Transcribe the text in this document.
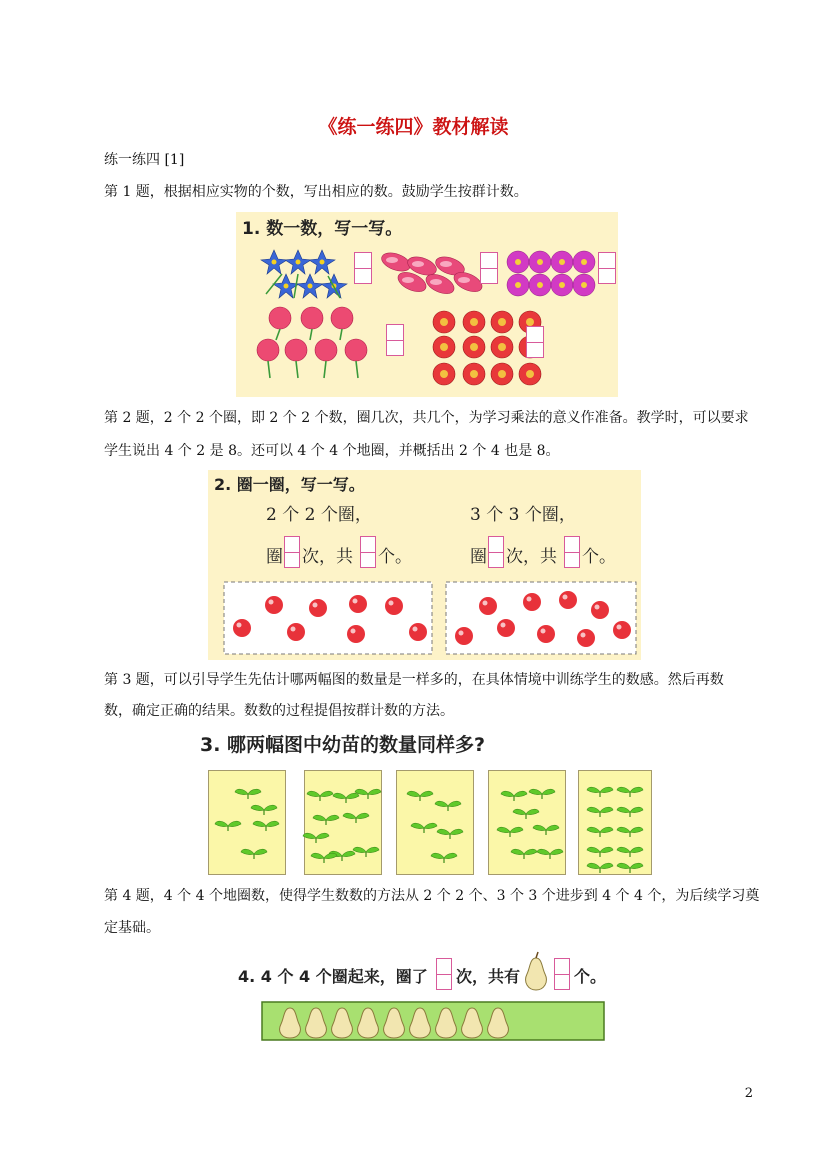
《练一练四》教材解读
练一练四 [1]
第 1 题，根据相应实物的个数，写出相应的数。鼓励学生按群计数。
1. 数一数，写一写。
第 2 题，2 个 2 个圈，即 2 个 2 个数，圈几次，共几个，为学习乘法的意义作准备。教学时，可以要求
学生说出 4 个 2 是 8。还可以 4 个 4 个地圈，并概括出 2 个 4 也是 8。
2. 圈一圈，写一写。
2 个 2 个圈，	3 个 3 个圈，
圈 次，共 个。	圈 次，共 个。
第 3 题，可以引导学生先估计哪两幅图的数量是一样多的，在具体情境中训练学生的数感。然后再数
数，确定正确的结果。数数的过程提倡按群计数的方法。
3. 哪两幅图中幼苗的数量同样多?
第 4 题，4 个 4 个地圈数，使得学生数数的方法从 2 个 2 个、3 个 3 个进步到 4 个 4 个，为后续学习奠
定基础。
4. 4 个 4 个圈起来，圈了 次，共有	个。
2
